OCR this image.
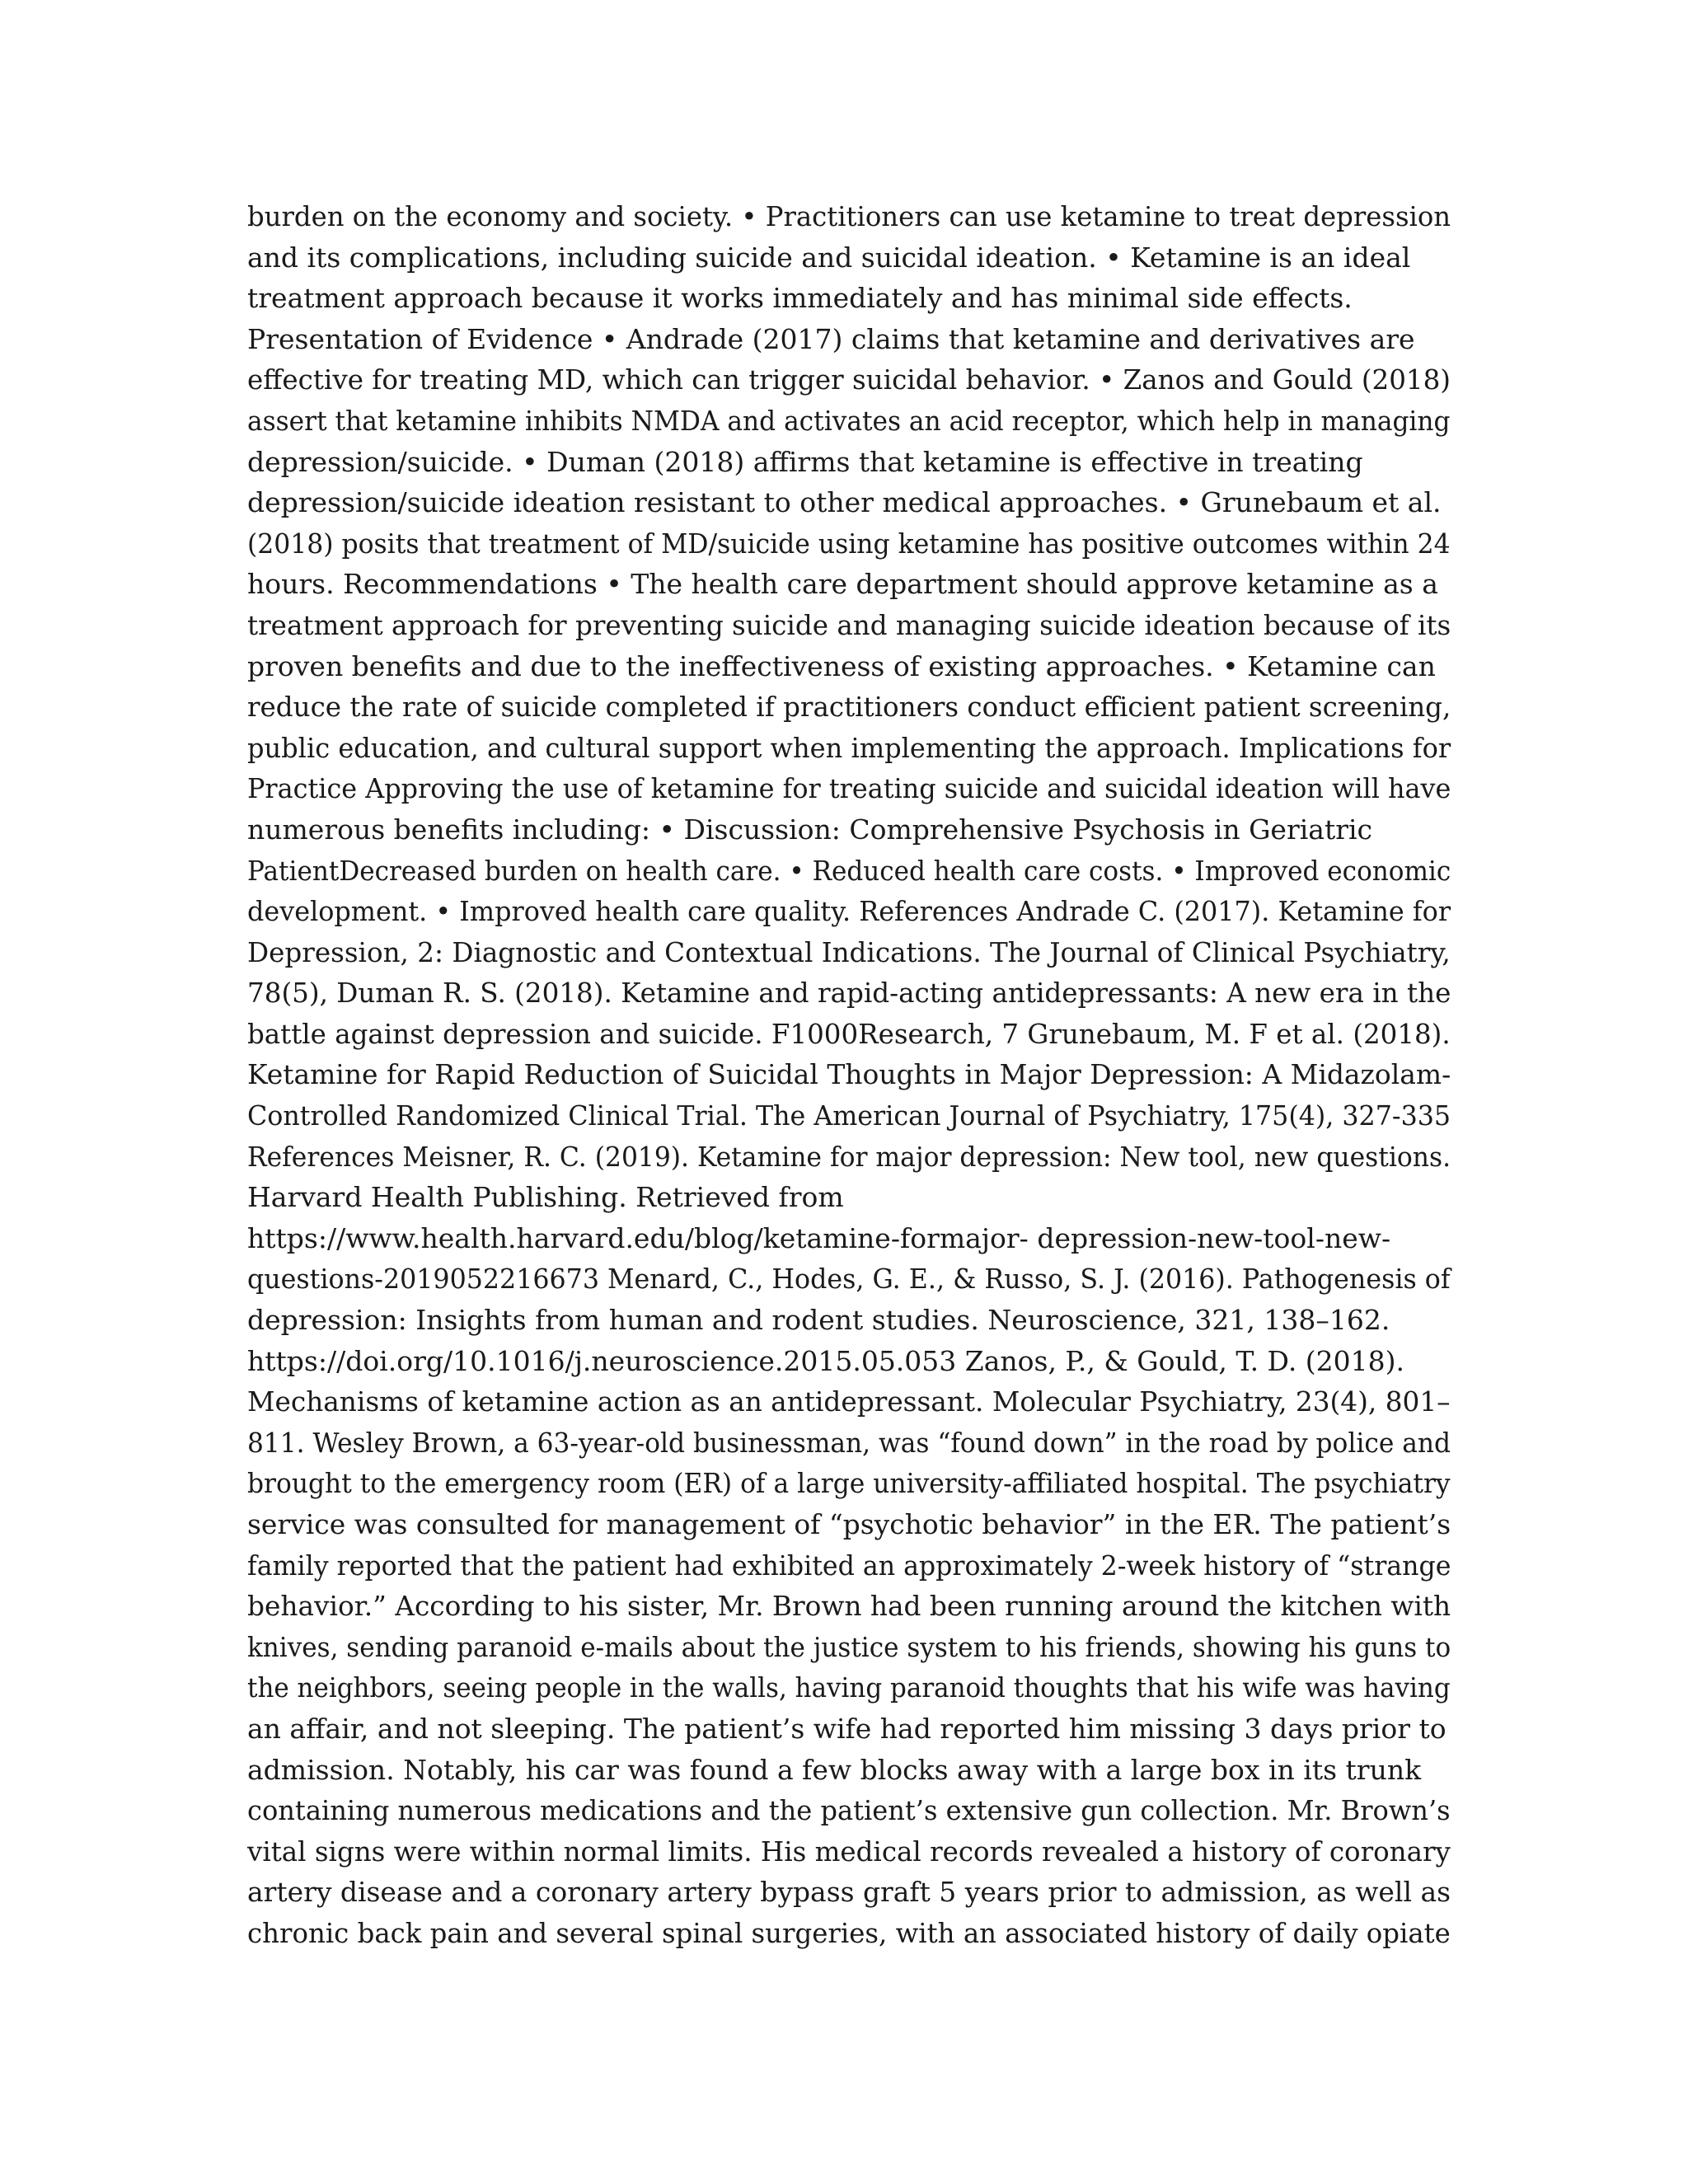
burden on the economy and society. • Practitioners can use ketamine to treat depression
and its complications, including suicide and suicidal ideation. • Ketamine is an ideal
treatment approach because it works immediately and has minimal side effects.
Presentation of Evidence • Andrade (2017) claims that ketamine and derivatives are
effective for treating MD, which can trigger suicidal behavior. • Zanos and Gould (2018)
assert that ketamine inhibits NMDA and activates an acid receptor, which help in managing
depression/suicide. • Duman (2018) affirms that ketamine is effective in treating
depression/suicide ideation resistant to other medical approaches. • Grunebaum et al.
(2018) posits that treatment of MD/suicide using ketamine has positive outcomes within 24
hours. Recommendations • The health care department should approve ketamine as a
treatment approach for preventing suicide and managing suicide ideation because of its
proven benefits and due to the ineffectiveness of existing approaches. • Ketamine can
reduce the rate of suicide completed if practitioners conduct efficient patient screening,
public education, and cultural support when implementing the approach. Implications for
Practice Approving the use of ketamine for treating suicide and suicidal ideation will have
numerous benefits including: • Discussion: Comprehensive Psychosis in Geriatric
PatientDecreased burden on health care. • Reduced health care costs. • Improved economic
development. • Improved health care quality. References Andrade C. (2017). Ketamine for
Depression, 2: Diagnostic and Contextual Indications. The Journal of Clinical Psychiatry,
78(5), Duman R. S. (2018). Ketamine and rapid-acting antidepressants: A new era in the
battle against depression and suicide. F1000Research, 7 Grunebaum, M. F et al. (2018).
Ketamine for Rapid Reduction of Suicidal Thoughts in Major Depression: A Midazolam-
Controlled Randomized Clinical Trial. The American Journal of Psychiatry, 175(4), 327-335
References Meisner, R. C. (2019). Ketamine for major depression: New tool, new questions.
Harvard Health Publishing. Retrieved from
https://www.health.harvard.edu/blog/ketamine-formajor- depression-new-tool-new-
questions-2019052216673 Menard, C., Hodes, G. E., & Russo, S. J. (2016). Pathogenesis of
depression: Insights from human and rodent studies. Neuroscience, 321, 138–162.
https://doi.org/10.1016/j.neuroscience.2015.05.053 Zanos, P., & Gould, T. D. (2018).
Mechanisms of ketamine action as an antidepressant. Molecular Psychiatry, 23(4), 801–
811. Wesley Brown, a 63-year-old businessman, was “found down” in the road by police and
brought to the emergency room (ER) of a large university-affiliated hospital. The psychiatry
service was consulted for management of “psychotic behavior” in the ER. The patient’s
family reported that the patient had exhibited an approximately 2-week history of “strange
behavior.” According to his sister, Mr. Brown had been running around the kitchen with
knives, sending paranoid e-mails about the justice system to his friends, showing his guns to
the neighbors, seeing people in the walls, having paranoid thoughts that his wife was having
an affair, and not sleeping. The patient’s wife had reported him missing 3 days prior to
admission. Notably, his car was found a few blocks away with a large box in its trunk
containing numerous medications and the patient’s extensive gun collection. Mr. Brown’s
vital signs were within normal limits. His medical records revealed a history of coronary
artery disease and a coronary artery bypass graft 5 years prior to admission, as well as
chronic back pain and several spinal surgeries, with an associated history of daily opiate
